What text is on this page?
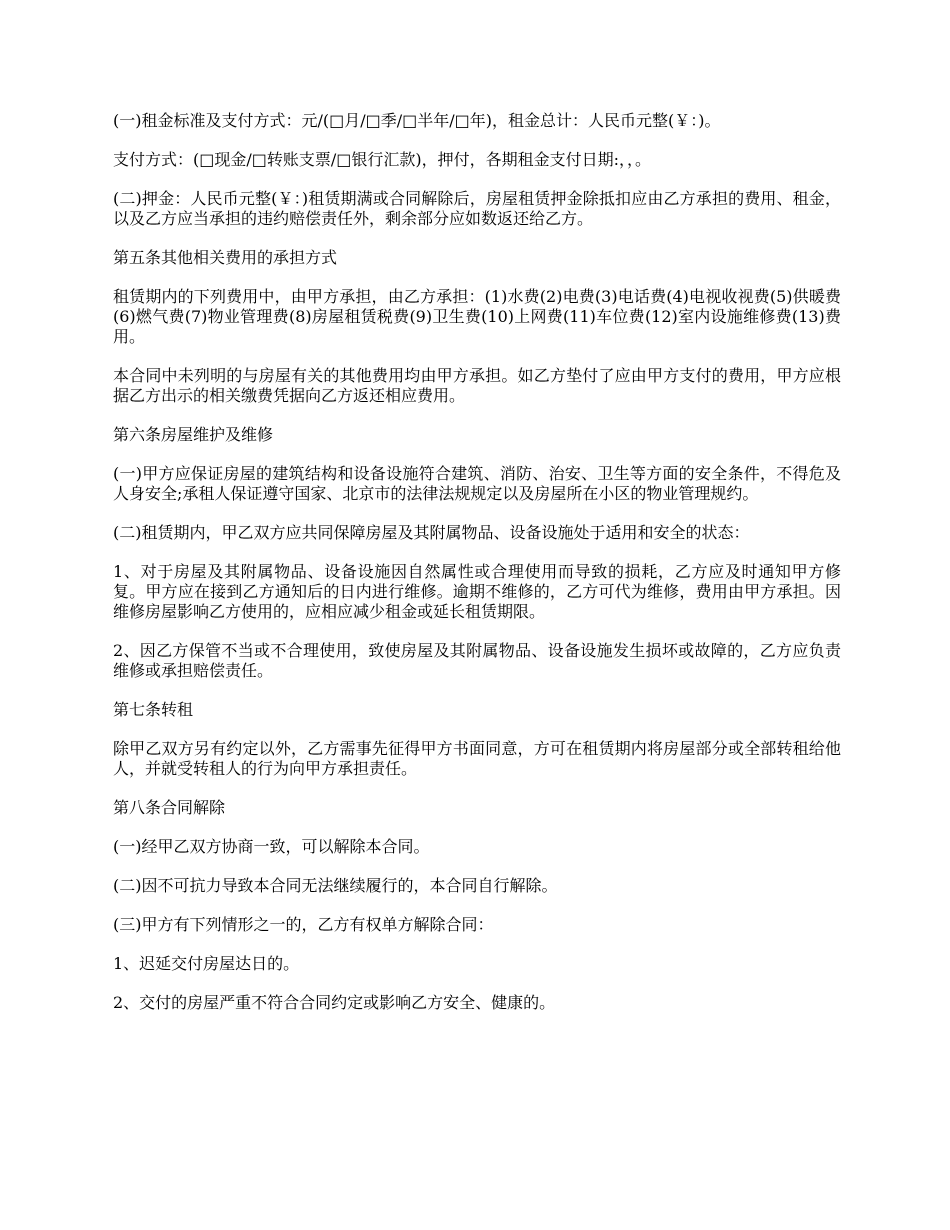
(一)租金标准及支付方式：元/(□月/□季/□半年/□年)，租金总计：人民币元整(￥：)。

支付方式：(□现金/□转账支票/□银行汇款)，押付，各期租金支付日期:，，。

(二)押金：人民币元整(￥：)租赁期满或合同解除后，房屋租赁押金除抵扣应由乙方承担的费用、租金，以及乙方应当承担的违约赔偿责任外，剩余部分应如数返还给乙方。

第五条其他相关费用的承担方式

租赁期内的下列费用中，由甲方承担，由乙方承担：(1)水费(2)电费(3)电话费(4)电视收视费(5)供暖费(6)燃气费(7)物业管理费(8)房屋租赁税费(9)卫生费(10)上网费(11)车位费(12)室内设施维修费(13)费用。

本合同中未列明的与房屋有关的其他费用均由甲方承担。如乙方垫付了应由甲方支付的费用，甲方应根据乙方出示的相关缴费凭据向乙方返还相应费用。

第六条房屋维护及维修

(一)甲方应保证房屋的建筑结构和设备设施符合建筑、消防、治安、卫生等方面的安全条件，不得危及人身安全;承租人保证遵守国家、北京市的法律法规规定以及房屋所在小区的物业管理规约。

(二)租赁期内，甲乙双方应共同保障房屋及其附属物品、设备设施处于适用和安全的状态：

1、对于房屋及其附属物品、设备设施因自然属性或合理使用而导致的损耗，乙方应及时通知甲方修复。甲方应在接到乙方通知后的日内进行维修。逾期不维修的，乙方可代为维修，费用由甲方承担。因维修房屋影响乙方使用的，应相应减少租金或延长租赁期限。

2、因乙方保管不当或不合理使用，致使房屋及其附属物品、设备设施发生损坏或故障的，乙方应负责维修或承担赔偿责任。

第七条转租

除甲乙双方另有约定以外，乙方需事先征得甲方书面同意，方可在租赁期内将房屋部分或全部转租给他人，并就受转租人的行为向甲方承担责任。

第八条合同解除

(一)经甲乙双方协商一致，可以解除本合同。

(二)因不可抗力导致本合同无法继续履行的，本合同自行解除。

(三)甲方有下列情形之一的，乙方有权单方解除合同：

1、迟延交付房屋达日的。

2、交付的房屋严重不符合合同约定或影响乙方安全、健康的。
